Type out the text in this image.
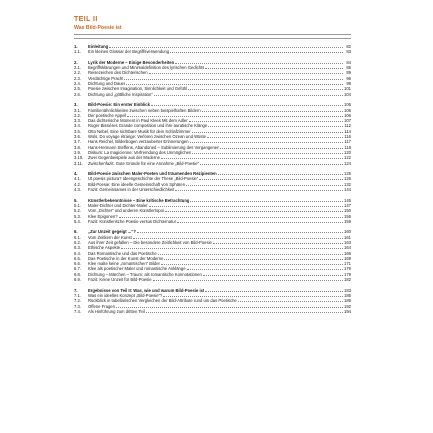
TEIL II
Was Bild-Poesie ist
1.	Einleitung	82
1.1.	Ein kleines Glossar der Begriffsverwendung	83
2.	Lyrik der Moderne – Einige Besonderheiten	84
2.1.	Begriffsklärungen und Minimaldefinition des lyrischen Gedichts	85
2.2.	Reisezeichen des Dichterischen	89
2.3.	Verdächtige Pracht	96
2.4.	Dichtung und Dauer	98
2.5.	Poesie zwischen Imagination, Sinnlichkeit und Gefühl	101
2.6.	Dichtung und „göttliche Inspiration“	104
3.	Bild-Poesie: Ein erster Einblick	106
3.1.	Familienähnlichkeiten zwischen neben beispielhaften Bildern	106
3.2.	Der poetische Appell	106
3.3.	Das dichterische Moment in Paul Klees Mit dem Adler	107
3.4.	Roger Bissières Grande composition und ihre auratische Klänge	112
3.5.	Otto Nebel, Eine sichtbare Musik für dein Schlafzimmer	114
3.6.	Wols, Do voyage étrange: Verloren zwischen Ozean und Wüste	116
3.7.	Hans Reichel, Bilderbogen verzauberter Erinnerungen	117
3.8.	Hans-Hermann Steffens, Abandoned – Sublimierung des Vergangenen	118
3.9.	Diskurs: La magicienne: Verfremdung des Unmöglichen	120
3.10.	Zwei Gegenbeispiele aus der Moderne	122
3.11.	Zwischenfazit: Gute Gründe für eine Annahme „Bild-Poesie“	124
4.	Bild-Poesie zwischen Maler-Poeten und träumenden Rezipienten	125
4.1.	Ut poesis pictura? Ideengeschichte der These „Bild-Poesie“	126
4.2.	Bild-Poesie: Eine ideelle Gemeinschaft von Sphären	132
4.3.	Fazit: Gemeinsames in der Unterschiedlichkeit	144
5.	Künstlerbekenntnisse – Eine kritische Betrachtung	145
5.1.	Maler-Dichter und Dichter-Maler	147
5.2.	Vom „Dichter“ und anderen Künstlertopoi	150
5.3.	Klee Epigonen?	156
5.4.	Fazit: Künstlerische Poesie versus Dichternatur	159
6.	„Zur Unzeit gegeigt ...“?	160
6.1.	Vom Zeitkern der Kunst	161
6.2.	Aus ihrer Zeit gefallen – Die besondere Zeitlichkeit von Bild-Poesie	163
6.3.	Ethische Aspekte	164
6.4.	Das Romantische und das Poetische	166
6.5.	Das Poetische in der Kunst der Moderne	169
6.6.	Klee malte keine „romantischen“ Bilder	171
6.7.	Klee als poetischer Maler und romantische Anklänge	176
6.8.	Dichtung – Märchen – Traum: als romantische Konnotationen	179
6.9.	Fazit: Keine Unzeit für Bild-Poesie	182
7.	Ergebnisse von Teil II: Was, wie und warum Bild-Poesie ist	183
7.1.	Was ein ideelles Konzept „Bild-Poesie“?	185
7.2.	Rückblick in tabellarischen Vergleichen der Bild-Attribute rund um das Poetische	186
7.3.	Offene Fragen	192
7.4.	Als Hinführung zum dritten Teil	194
